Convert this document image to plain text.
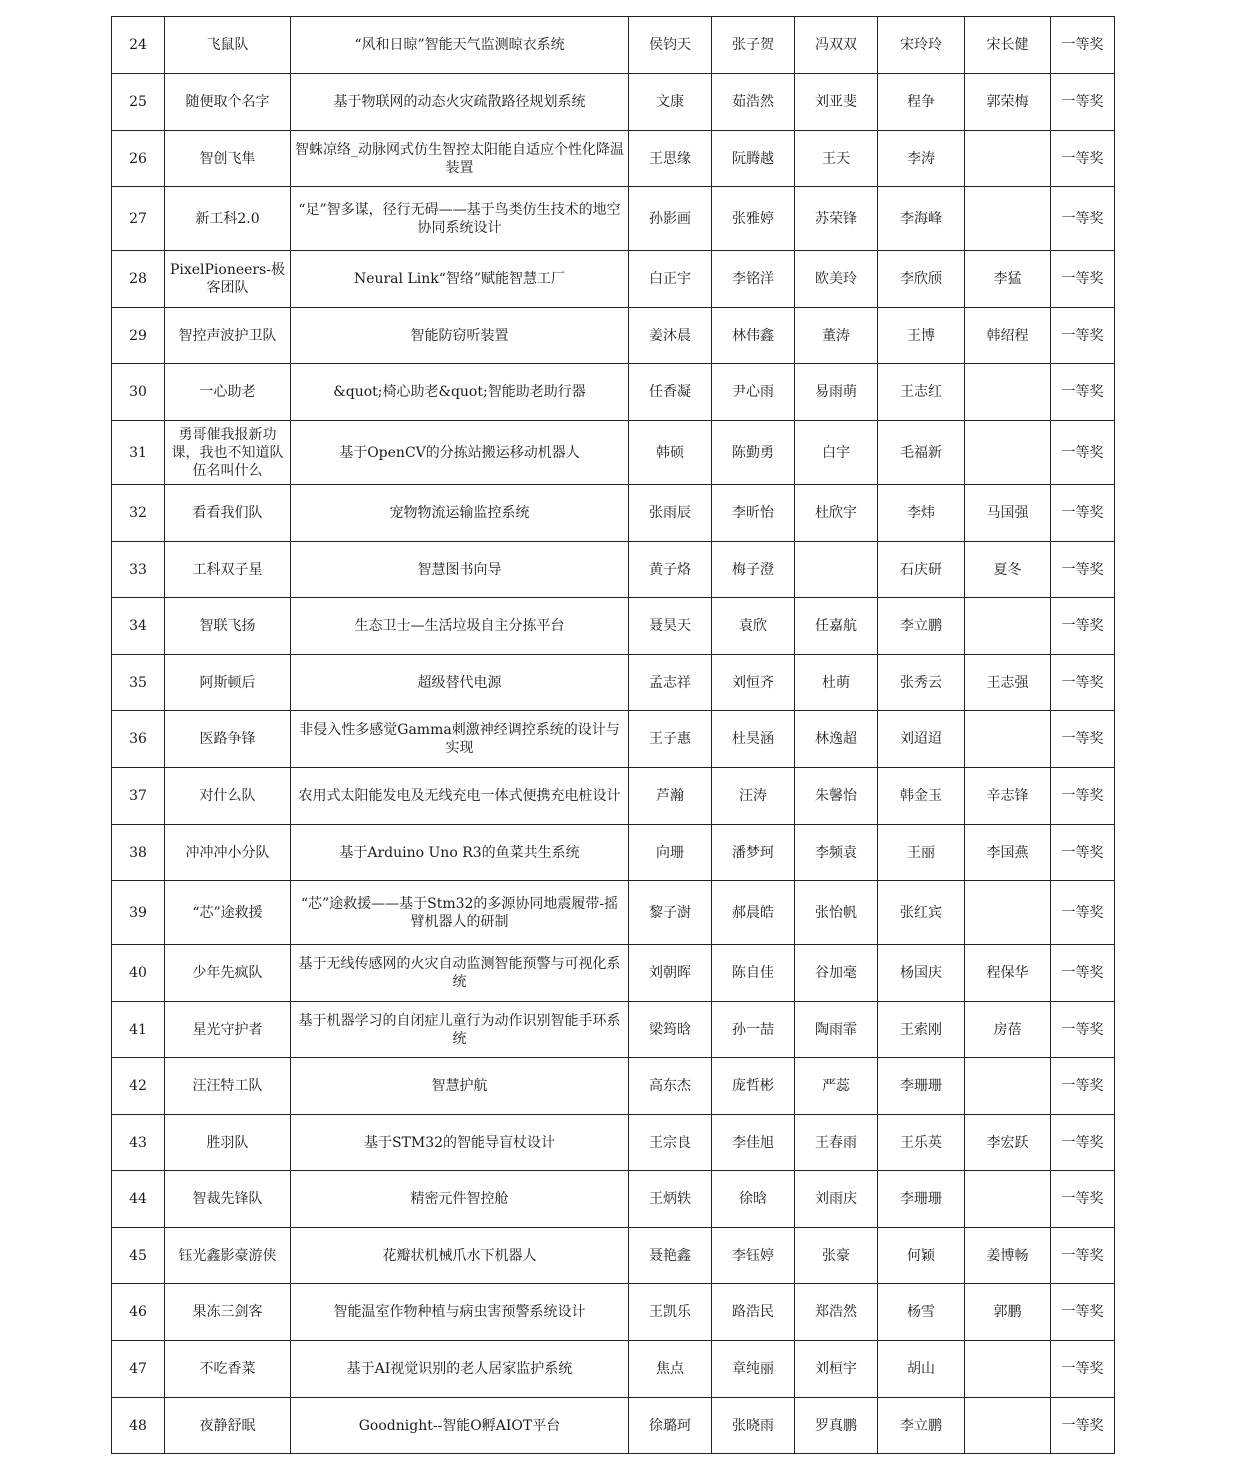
24	飞鼠队	“风和日晾”智能天气监测晾衣系统	侯钧天	张子贺	冯双双	宋玲玲	宋长健	一等奖
25	随便取个名字	基于物联网的动态火灾疏散路径规划系统	文康	茹浩然	刘亚斐	程争	郭荣梅	一等奖
26	智创飞隼	智蛛凉络_动脉网式仿生智控太阳能自适应个性化降温装置	王思缘	阮腾越	王天	李涛		一等奖
27	新工科2.0	“足”智多谋，径行无碍——基于鸟类仿生技术的地空协同系统设计	孙影画	张雅婷	苏荣锋	李海峰		一等奖
28	PixelPioneers-极客团队	Neural Link“智络”赋能智慧工厂	白正宇	李铭洋	欧美玲	李欣颀	李猛	一等奖
29	智控声波护卫队	智能防窃听装置	姜沐晨	林伟鑫	董涛	王博	韩绍程	一等奖
30	一心助老	&quot;椅心助老&quot;智能助老助行器	任香凝	尹心雨	易雨萌	王志红		一等奖
31	勇哥催我报新功课，我也不知道队伍名叫什么	基于OpenCV的分拣站搬运移动机器人	韩硕	陈勤勇	白宇	毛福新		一等奖
32	看看我们队	宠物物流运输监控系统	张雨辰	李昕怡	杜欣宇	李炜	马国强	一等奖
33	工科双子星	智慧图书向导	黄子烙	梅子澄		石庆研	夏冬	一等奖
34	智联飞扬	生态卫士—生活垃圾自主分拣平台	聂昊天	袁欣	任嘉航	李立鹏		一等奖
35	阿斯顿后	超级替代电源	孟志祥	刘恒齐	杜萌	张秀云	王志强	一等奖
36	医路争锋	非侵入性多感觉Gamma刺激神经调控系统的设计与实现	王子惠	杜昊涵	林逸超	刘迢迢		一等奖
37	对什么队	农用式太阳能发电及无线充电一体式便携充电桩设计	芦瀚	汪涛	朱馨怡	韩金玉	辛志锋	一等奖
38	冲冲冲小分队	基于Arduino Uno R3的鱼菜共生系统	向珊	潘梦珂	李频袁	王丽	李国燕	一等奖
39	“芯”途救援	“芯”途救援——基于Stm32的多源协同地震履带-摇臂机器人的研制	黎子澍	郝晨皓	张怡帆	张红宾		一等奖
40	少年先疯队	基于无线传感网的火灾自动监测智能预警与可视化系统	刘朝晖	陈自佳	谷加毫	杨国庆	程保华	一等奖
41	星光守护者	基于机器学习的自闭症儿童行为动作识别智能手环系统	梁筠晗	孙一喆	陶雨霏	王索刚	房蓓	一等奖
42	汪汪特工队	智慧护航	高东杰	庞哲彬	严蕊	李珊珊		一等奖
43	胜羽队	基于STM32的智能导盲杖设计	王宗良	李佳旭	王春雨	王乐英	李宏跃	一等奖
44	智裁先锋队	精密元件智控舱	王炳轶	徐晗	刘雨庆	李珊珊		一等奖
45	钰光鑫影豪游侠	花瓣状机械爪水下机器人	聂艳鑫	李钰婷	张豪	何颖	姜博畅	一等奖
46	果冻三剑客	智能温室作物种植与病虫害预警系统设计	王凯乐	路浩民	郑浩然	杨雪	郭鹏	一等奖
47	不吃香菜	基于AI视觉识别的老人居家监护系统	焦点	章纯丽	刘桓宇	胡山		一等奖
48	夜静舒眠	Goodnight--智能O孵AIOT平台	徐璐珂	张晓雨	罗真鹏	李立鹏		一等奖
